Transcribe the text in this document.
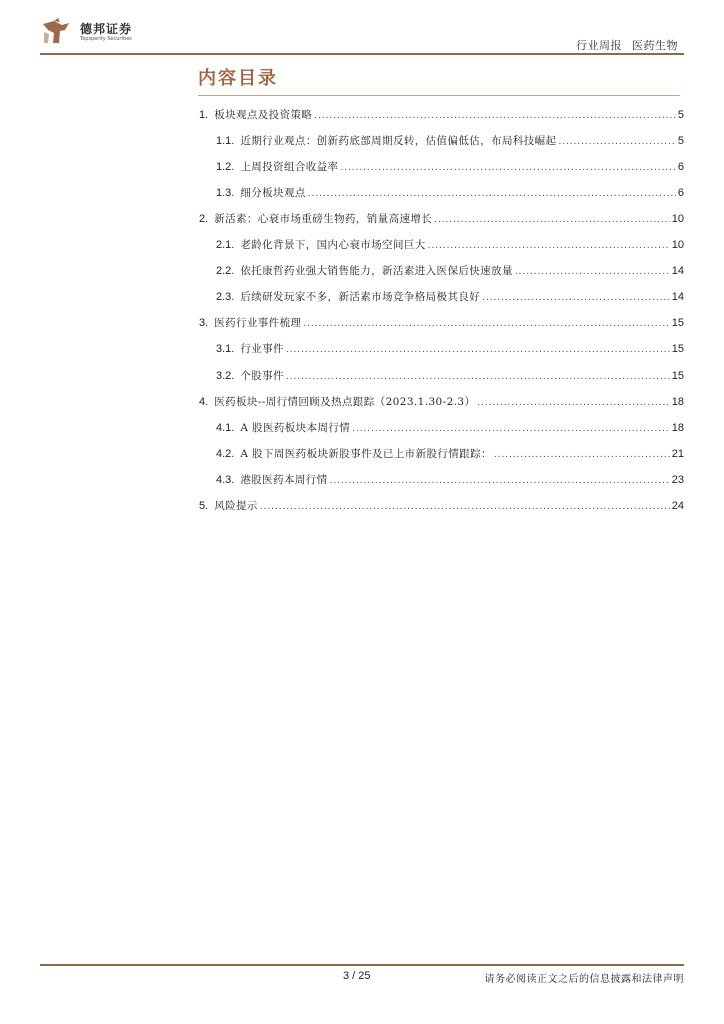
德邦证券
Topsperity Securities	行业周报 医药生物
内容目录
1. 板块观点及投资策略 .....	5
1.1. 近期行业观点：创新药底部周期反转，估值偏低估，布局科技崛起 .....	5
1.2. 上周投资组合收益率 .....	6
1.3. 细分板块观点 .....	6
2. 新活素：心衰市场重磅生物药，销量高速增长 .....	10
2.1. 老龄化背景下，国内心衰市场空间巨大 .....	10
2.2. 依托康哲药业强大销售能力，新活素进入医保后快速放量 .....	14
2.3. 后续研发玩家不多，新活素市场竞争格局极其良好 .....	14
3. 医药行业事件梳理 .....	15
3.1. 行业事件 .....	15
3.2. 个股事件 .....	15
4. 医药板块--周行情回顾及热点跟踪（2023.1.30-2.3） .....	18
4.1. A 股医药板块本周行情 .....	18
4.2. A 股下周医药板块新股事件及已上市新股行情跟踪： .....	21
4.3. 港股医药本周行情 .....	23
5. 风险提示 .....	24
3 / 25	请务必阅读正文之后的信息披露和法律声明
